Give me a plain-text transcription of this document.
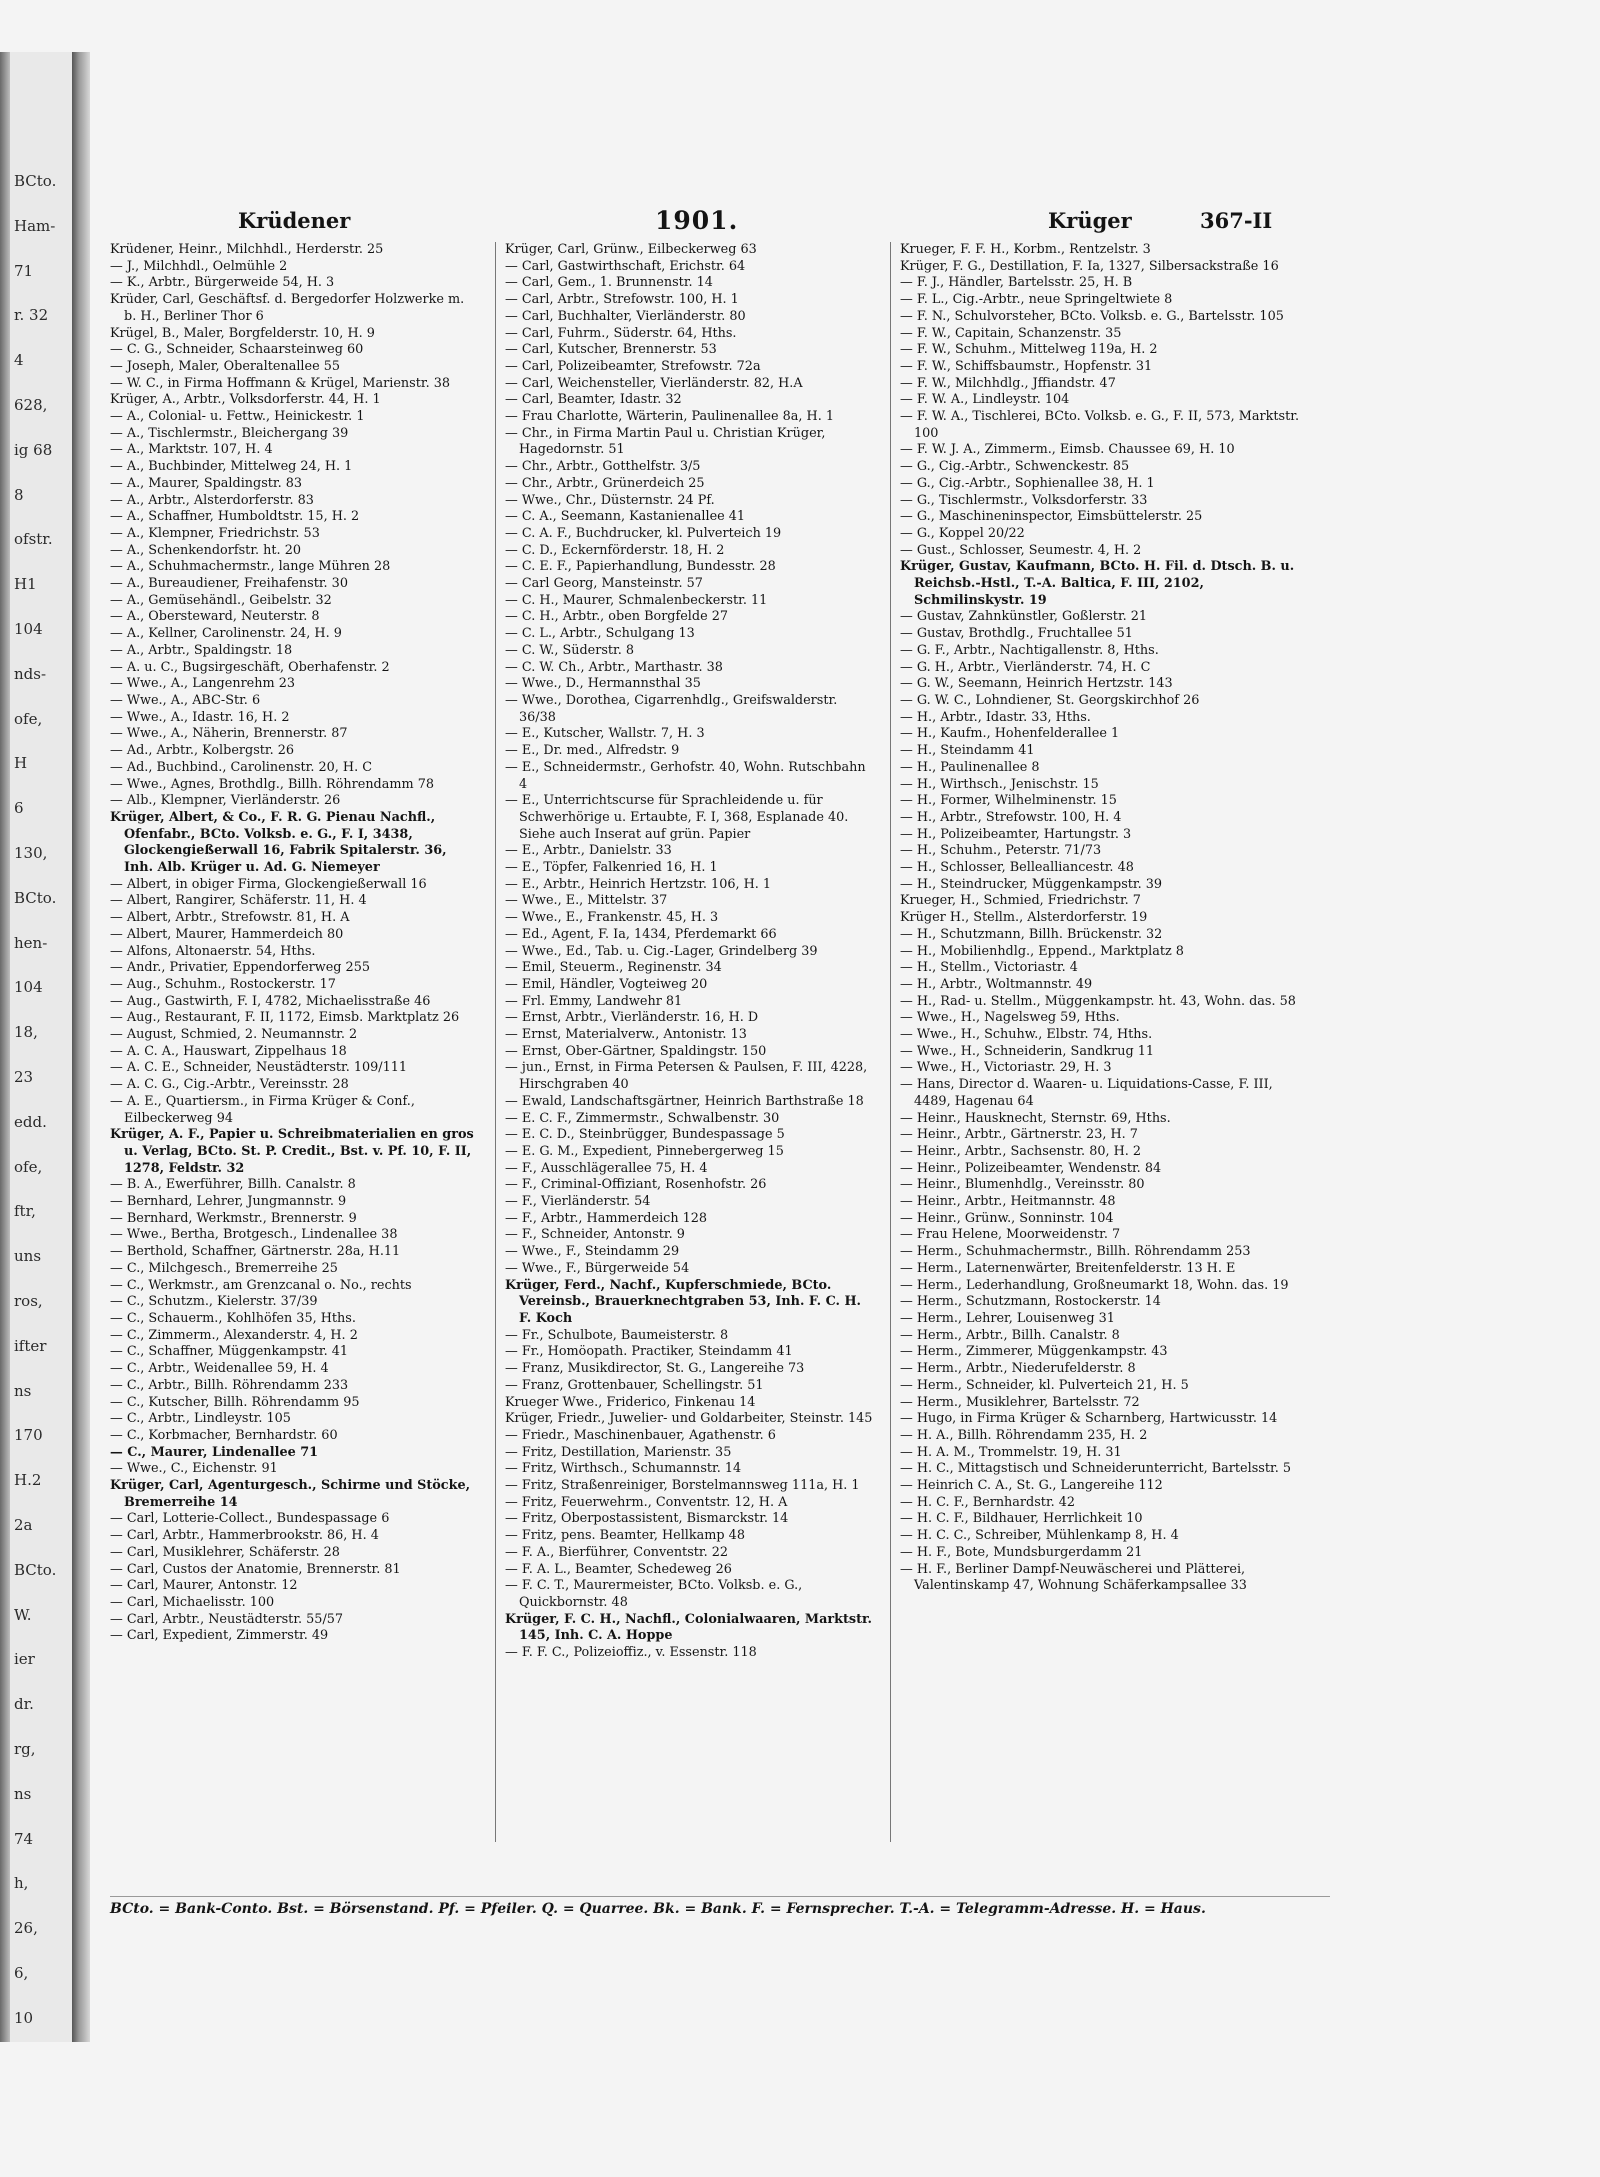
BCto.
Ham-
71
r. 32
4
628,
ig 68
8
ofstr.
H1
104
nds-
ofe,
H
6
130,
BCto.
hen-
104
18,
23
edd.
ofe,
ftr,
uns
ros,
ifter
ns
170
H.2
2a
BCto.
W.
ier
dr.
rg,
ns
74
h,
26,
6,
10
Krüdener	1901.	Krüger	367-II

Krüdener, Heinr., Milchhdl., Herderstr. 25

— J., Milchhdl., Oelmühle 2

— K., Arbtr., Bürgerweide 54, H. 3

Krüder, Carl, Geschäftsf. d. Bergedorfer Holzwerke m. b. H., Berliner Thor 6

Krügel, B., Maler, Borgfelderstr. 10, H. 9

— C. G., Schneider, Schaarsteinweg 60

— Joseph, Maler, Oberaltenallee 55

— W. C., in Firma Hoffmann & Krügel, Marienstr. 38

Krüger, A., Arbtr., Volksdorferstr. 44, H. 1

— A., Colonial- u. Fettw., Heinickestr. 1

— A., Tischlermstr., Bleichergang 39

— A., Marktstr. 107, H. 4

— A., Buchbinder, Mittelweg 24, H. 1

— A., Maurer, Spaldingstr. 83

— A., Arbtr., Alsterdorferstr. 83

— A., Schaffner, Humboldtstr. 15, H. 2

— A., Klempner, Friedrichstr. 53

— A., Schenkendorfstr. ht. 20

— A., Schuhmachermstr., lange Mühren 28

— A., Bureaudiener, Freihafenstr. 30

— A., Gemüsehändl., Geibelstr. 32

— A., Obersteward, Neuterstr. 8

— A., Kellner, Carolinenstr. 24, H. 9

— A., Arbtr., Spaldingstr. 18

— A. u. C., Bugsirgeschäft, Oberhafenstr. 2

— Wwe., A., Langenrehm 23

— Wwe., A., ABC-Str. 6

— Wwe., A., Idastr. 16, H. 2

— Wwe., A., Näherin, Brennerstr. 87

— Ad., Arbtr., Kolbergstr. 26

— Ad., Buchbind., Carolinenstr. 20, H. C

— Wwe., Agnes, Brothdlg., Billh. Röhrendamm 78

— Alb., Klempner, Vierländerstr. 26

Krüger, Albert, & Co., F. R. G. Pienau Nachfl., Ofenfabr., BCto. Volksb. e. G., F. I, 3438, Glockengießerwall 16, Fabrik Spitalerstr. 36, Inh. Alb. Krüger u. Ad. G. Niemeyer

— Albert, in obiger Firma, Glockengießerwall 16

— Albert, Rangirer, Schäferstr. 11, H. 4

— Albert, Arbtr., Strefowstr. 81, H. A

— Albert, Maurer, Hammerdeich 80

— Alfons, Altonaerstr. 54, Hths.

— Andr., Privatier, Eppendorferweg 255

— Aug., Schuhm., Rostockerstr. 17

— Aug., Gastwirth, F. I, 4782, Michaelisstraße 46

— Aug., Restaurant, F. II, 1172, Eimsb. Marktplatz 26

— August, Schmied, 2. Neumannstr. 2

— A. C. A., Hauswart, Zippelhaus 18

— A. C. E., Schneider, Neustädterstr. 109/111

— A. C. G., Cig.-Arbtr., Vereinsstr. 28

— A. E., Quartiersm., in Firma Krüger & Conf., Eilbeckerweg 94

Krüger, A. F., Papier u. Schreibmaterialien en gros u. Verlag, BCto. St. P. Credit., Bst. v. Pf. 10, F. II, 1278, Feldstr. 32

— B. A., Ewerführer, Billh. Canalstr. 8

— Bernhard, Lehrer, Jungmannstr. 9

— Bernhard, Werkmstr., Brennerstr. 9

— Wwe., Bertha, Brotgesch., Lindenallee 38

— Berthold, Schaffner, Gärtnerstr. 28a, H.11

— C., Milchgesch., Bremerreihe 25

— C., Werkmstr., am Grenzcanal o. No., rechts

— C., Schutzm., Kielerstr. 37/39

— C., Schauerm., Kohlhöfen 35, Hths.

— C., Zimmerm., Alexanderstr. 4, H. 2

— C., Schaffner, Müggenkampstr. 41

— C., Arbtr., Weidenallee 59, H. 4

— C., Arbtr., Billh. Röhrendamm 233

— C., Kutscher, Billh. Röhrendamm 95

— C., Arbtr., Lindleystr. 105

— C., Korbmacher, Bernhardstr. 60

— C., Maurer, Lindenallee 71

— Wwe., C., Eichenstr. 91

Krüger, Carl, Agenturgesch., Schirme und Stöcke, Bremerreihe 14

— Carl, Lotterie-Collect., Bundespassage 6

— Carl, Arbtr., Hammerbrookstr. 86, H. 4

— Carl, Musiklehrer, Schäferstr. 28

— Carl, Custos der Anatomie, Brennerstr. 81

— Carl, Maurer, Antonstr. 12

— Carl, Michaelisstr. 100

— Carl, Arbtr., Neustädterstr. 55/57

— Carl, Expedient, Zimmerstr. 49

Krüger, Carl, Grünw., Eilbeckerweg 63

— Carl, Gastwirthschaft, Erichstr. 64

— Carl, Gem., 1. Brunnenstr. 14

— Carl, Arbtr., Strefowstr. 100, H. 1

— Carl, Buchhalter, Vierländerstr. 80

— Carl, Fuhrm., Süderstr. 64, Hths.

— Carl, Kutscher, Brennerstr. 53

— Carl, Polizeibeamter, Strefowstr. 72a

— Carl, Weichensteller, Vierländerstr. 82, H.A

— Carl, Beamter, Idastr. 32

— Frau Charlotte, Wärterin, Paulinenallee 8a, H. 1

— Chr., in Firma Martin Paul u. Christian Krüger, Hagedornstr. 51

— Chr., Arbtr., Gotthelfstr. 3/5

— Chr., Arbtr., Grünerdeich 25

— Wwe., Chr., Düsternstr. 24 Pf.

— C. A., Seemann, Kastanienallee 41

— C. A. F., Buchdrucker, kl. Pulverteich 19

— C. D., Eckernförderstr. 18, H. 2

— C. E. F., Papierhandlung, Bundesstr. 28

— Carl Georg, Mansteinstr. 57

— C. H., Maurer, Schmalenbeckerstr. 11

— C. H., Arbtr., oben Borgfelde 27

— C. L., Arbtr., Schulgang 13

— C. W., Süderstr. 8

— C. W. Ch., Arbtr., Marthastr. 38

— Wwe., D., Hermannsthal 35

— Wwe., Dorothea, Cigarrenhdlg., Greifswalderstr. 36/38

— E., Kutscher, Wallstr. 7, H. 3

— E., Dr. med., Alfredstr. 9

— E., Schneidermstr., Gerhofstr. 40, Wohn. Rutschbahn 4

— E., Unterrichtscurse für Sprachleidende u. für Schwerhörige u. Ertaubte, F. I, 368, Esplanade 40. Siehe auch Inserat auf grün. Papier

— E., Arbtr., Danielstr. 33

— E., Töpfer, Falkenried 16, H. 1

— E., Arbtr., Heinrich Hertzstr. 106, H. 1

— Wwe., E., Mittelstr. 37

— Wwe., E., Frankenstr. 45, H. 3

— Ed., Agent, F. Ia, 1434, Pferdemarkt 66

— Wwe., Ed., Tab. u. Cig.-Lager, Grindelberg 39

— Emil, Steuerm., Reginenstr. 34

— Emil, Händler, Vogteiweg 20

— Frl. Emmy, Landwehr 81

— Ernst, Arbtr., Vierländerstr. 16, H. D

— Ernst, Materialverw., Antonistr. 13

— Ernst, Ober-Gärtner, Spaldingstr. 150

— jun., Ernst, in Firma Petersen & Paulsen, F. III, 4228, Hirschgraben 40

— Ewald, Landschaftsgärtner, Heinrich Barthstraße 18

— E. C. F., Zimmermstr., Schwalbenstr. 30

— E. C. D., Steinbrügger, Bundespassage 5

— E. G. M., Expedient, Pinnebergerweg 15

— F., Ausschlägerallee 75, H. 4

— F., Criminal-Offiziant, Rosenhofstr. 26

— F., Vierländerstr. 54

— F., Arbtr., Hammerdeich 128

— F., Schneider, Antonstr. 9

— Wwe., F., Steindamm 29

— Wwe., F., Bürgerweide 54

Krüger, Ferd., Nachf., Kupferschmiede, BCto. Vereinsb., Brauerknechtgraben 53, Inh. F. C. H. F. Koch

— Fr., Schulbote, Baumeisterstr. 8

— Fr., Homöopath. Practiker, Steindamm 41

— Franz, Musikdirector, St. G., Langereihe 73

— Franz, Grottenbauer, Schellingstr. 51

Krueger Wwe., Friderico, Finkenau 14

Krüger, Friedr., Juwelier- und Goldarbeiter, Steinstr. 145

— Friedr., Maschinenbauer, Agathenstr. 6

— Fritz, Destillation, Marienstr. 35

— Fritz, Wirthsch., Schumannstr. 14

— Fritz, Straßenreiniger, Borstelmannsweg 111a, H. 1

— Fritz, Feuerwehrm., Conventstr. 12, H. A

— Fritz, Oberpostassistent, Bismarckstr. 14

— Fritz, pens. Beamter, Hellkamp 48

— F. A., Bierführer, Conventstr. 22

— F. A. L., Beamter, Schedeweg 26

— F. C. T., Maurermeister, BCto. Volksb. e. G., Quickbornstr. 48

Krüger, F. C. H., Nachfl., Colonialwaaren, Marktstr. 145, Inh. C. A. Hoppe

— F. F. C., Polizeioffiz., v. Essenstr. 118

Krueger, F. F. H., Korbm., Rentzelstr. 3

Krüger, F. G., Destillation, F. Ia, 1327, Silbersackstraße 16

— F. J., Händler, Bartelsstr. 25, H. B

— F. L., Cig.-Arbtr., neue Springeltwiete 8

— F. N., Schulvorsteher, BCto. Volksb. e. G., Bartelsstr. 105

— F. W., Capitain, Schanzenstr. 35

— F. W., Schuhm., Mittelweg 119a, H. 2

— F. W., Schiffsbaumstr., Hopfenstr. 31

— F. W., Milchhdlg., Jffiandstr. 47

— F. W. A., Lindleystr. 104

— F. W. A., Tischlerei, BCto. Volksb. e. G., F. II, 573, Marktstr. 100

— F. W. J. A., Zimmerm., Eimsb. Chaussee 69, H. 10

— G., Cig.-Arbtr., Schwenckestr. 85

— G., Cig.-Arbtr., Sophienallee 38, H. 1

— G., Tischlermstr., Volksdorferstr. 33

— G., Maschineninspector, Eimsbüttelerstr. 25

— G., Koppel 20/22

— Gust., Schlosser, Seumestr. 4, H. 2

Krüger, Gustav, Kaufmann, BCto. H. Fil. d. Dtsch. B. u. Reichsb.-Hstl., T.-A. Baltica, F. III, 2102, Schmilinskystr. 19

— Gustav, Zahnkünstler, Goßlerstr. 21

— Gustav, Brothdlg., Fruchtallee 51

— G. F., Arbtr., Nachtigallenstr. 8, Hths.

— G. H., Arbtr., Vierländerstr. 74, H. C

— G. W., Seemann, Heinrich Hertzstr. 143

— G. W. C., Lohndiener, St. Georgskirchhof 26

— H., Arbtr., Idastr. 33, Hths.

— H., Kaufm., Hohenfelderallee 1

— H., Steindamm 41

— H., Paulinenallee 8

— H., Wirthsch., Jenischstr. 15

— H., Former, Wilhelminenstr. 15

— H., Arbtr., Strefowstr. 100, H. 4

— H., Polizeibeamter, Hartungstr. 3

— H., Schuhm., Peterstr. 71/73

— H., Schlosser, Bellealliancestr. 48

— H., Steindrucker, Müggenkampstr. 39

Krueger, H., Schmied, Friedrichstr. 7

Krüger H., Stellm., Alsterdorferstr. 19

— H., Schutzmann, Billh. Brückenstr. 32

— H., Mobilienhdlg., Eppend., Marktplatz 8

— H., Stellm., Victoriastr. 4

— H., Arbtr., Woltmannstr. 49

— H., Rad- u. Stellm., Müggenkampstr. ht. 43, Wohn. das. 58

— Wwe., H., Nagelsweg 59, Hths.

— Wwe., H., Schuhw., Elbstr. 74, Hths.

— Wwe., H., Schneiderin, Sandkrug 11

— Wwe., H., Victoriastr. 29, H. 3

— Hans, Director d. Waaren- u. Liquidations-Casse, F. III, 4489, Hagenau 64

— Heinr., Hausknecht, Sternstr. 69, Hths.

— Heinr., Arbtr., Gärtnerstr. 23, H. 7

— Heinr., Arbtr., Sachsenstr. 80, H. 2

— Heinr., Polizeibeamter, Wendenstr. 84

— Heinr., Blumenhdlg., Vereinsstr. 80

— Heinr., Arbtr., Heitmannstr. 48

— Heinr., Grünw., Sonninstr. 104

— Frau Helene, Moorweidenstr. 7

— Herm., Schuhmachermstr., Billh. Röhrendamm 253

— Herm., Laternenwärter, Breitenfelderstr. 13 H. E

— Herm., Lederhandlung, Großneumarkt 18, Wohn. das. 19

— Herm., Schutzmann, Rostockerstr. 14

— Herm., Lehrer, Louisenweg 31

— Herm., Arbtr., Billh. Canalstr. 8

— Herm., Zimmerer, Müggenkampstr. 43

— Herm., Arbtr., Niederufelderstr. 8

— Herm., Schneider, kl. Pulverteich 21, H. 5

— Herm., Musiklehrer, Bartelsstr. 72

— Hugo, in Firma Krüger & Scharnberg, Hartwicusstr. 14

— H. A., Billh. Röhrendamm 235, H. 2

— H. A. M., Trommelstr. 19, H. 31

— H. C., Mittagstisch und Schneiderunterricht, Bartelsstr. 5

— Heinrich C. A., St. G., Langereihe 112

— H. C. F., Bernhardstr. 42

— H. C. F., Bildhauer, Herrlichkeit 10

— H. C. C., Schreiber, Mühlenkamp 8, H. 4

— H. F., Bote, Mundsburgerdamm 21

— H. F., Berliner Dampf-Neuwäscherei und Plätterei, Valentinskamp 47, Wohnung Schäferkampsallee 33

BCto. = Bank-Conto. Bst. = Börsenstand. Pf. = Pfeiler. Q. = Quarree. Bk. = Bank. F. = Fernsprecher. T.-A. = Telegramm-Adresse. H. = Haus.
